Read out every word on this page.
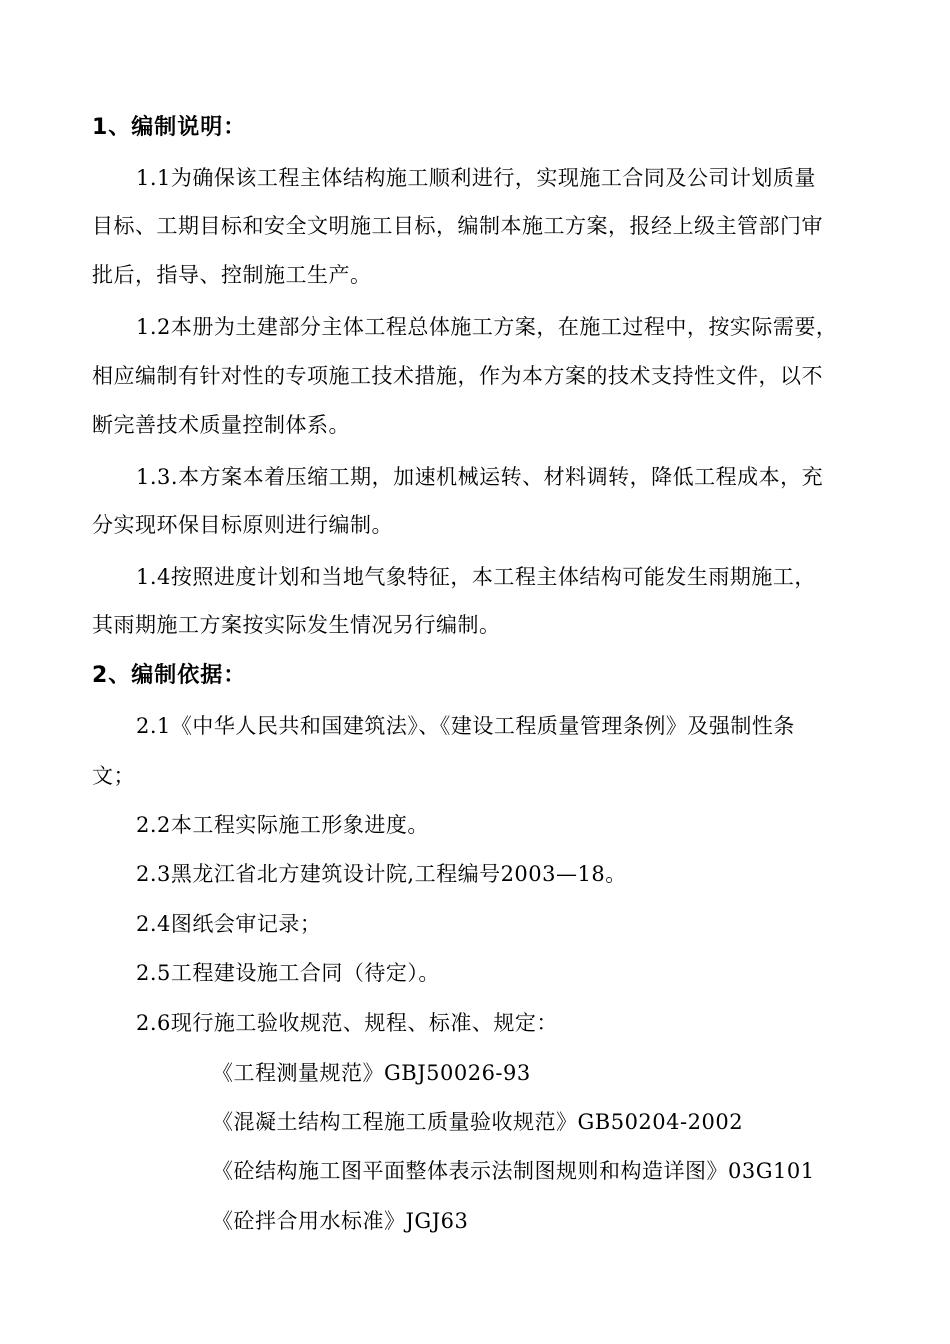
1、编制说明：
1.1为确保该工程主体结构施工顺利进行，实现施工合同及公司计划质量
目标、工期目标和安全文明施工目标，编制本施工方案，报经上级主管部门审
批后，指导、控制施工生产。
1.2本册为土建部分主体工程总体施工方案，在施工过程中，按实际需要，
相应编制有针对性的专项施工技术措施，作为本方案的技术支持性文件，以不
断完善技术质量控制体系。
1.3.本方案本着压缩工期，加速机械运转、材料调转，降低工程成本，充
分实现环保目标原则进行编制。
1.4按照进度计划和当地气象特征，本工程主体结构可能发生雨期施工，
其雨期施工方案按实际发生情况另行编制。
2、编制依据：
2.1《中华人民共和国建筑法》、《建设工程质量管理条例》及强制性条
文；
2.2本工程实际施工形象进度。
2.3黑龙江省北方建筑设计院,工程编号2003—18。
2.4图纸会审记录；
2.5工程建设施工合同（待定）。
2.6现行施工验收规范、规程、标准、规定：
《工程测量规范》GBJ50026-93
《混凝土结构工程施工质量验收规范》GB50204-2002
《砼结构施工图平面整体表示法制图规则和构造详图》03G101
《砼拌合用水标准》JGJ63
